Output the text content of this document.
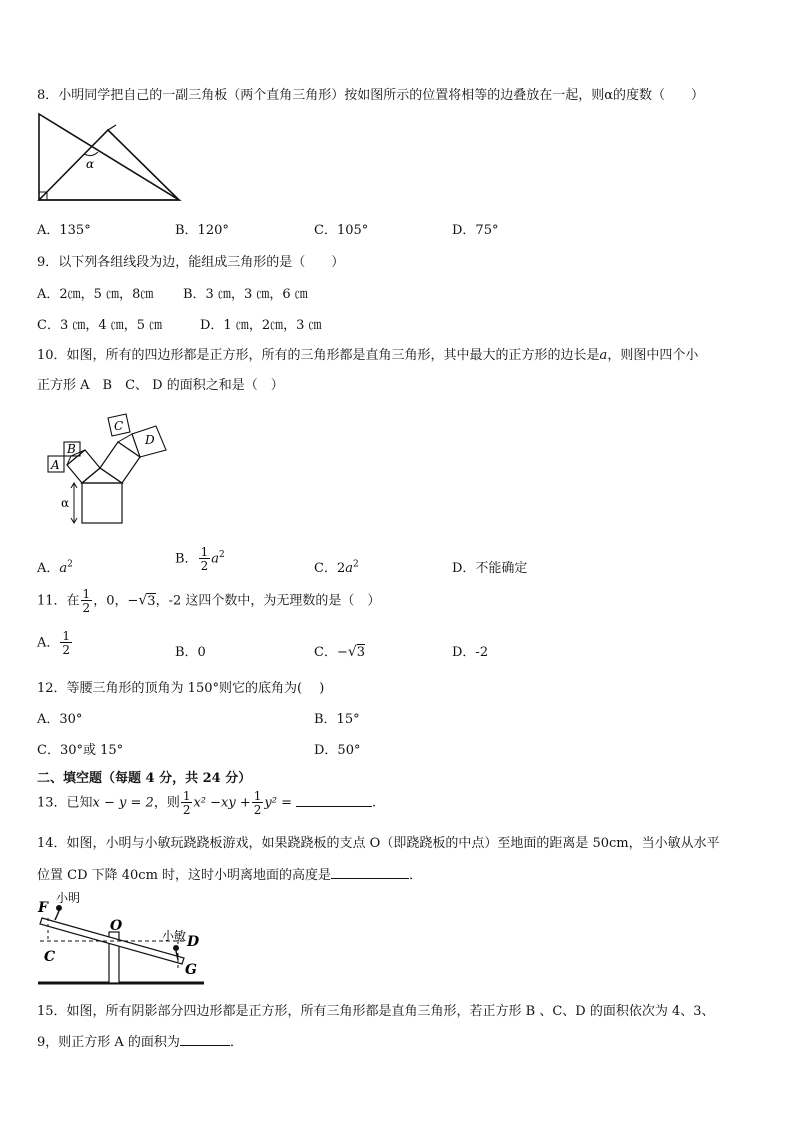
8．小明同学把自己的一副三角板（两个直角三角形）按如图所示的位置将相等的边叠放在一起，则α的度数（　　）
α
A．135°	B．120°	C．105°	D．75°
9．以下列各组线段为边，能组成三角形的是（　　）
A．2㎝，5 ㎝，8㎝ B．3 ㎝，3 ㎝，6 ㎝
C．3 ㎝，4 ㎝，5 ㎝	D．1 ㎝，2㎝，3 ㎝
10．如图，所有的四边形都是正方形，所有的三角形都是直角三角形，其中最大的正方形的边长是a，则图中四个小
正方形 A　B　C、 D 的面积之和是（　）
A
B
C
D
α
A．$a^2$	B． $\frac{1}{2} a^2$
C．$2a^2$	D．不能确定
11．在 $\frac{1}{2}$ ，0，−√3，-2 这四个数中，为无理数的是（　）
A． $\frac{1}{2}$	B．0	C．−√3	D．-2
12．等腰三角形的顶角为 150°则它的底角为(　 )
A．30°	B．15°
C．30°或 15°	D．50°
二、填空题（每题 4 分，共 24 分）
13．已知x − y = 2，则 $\frac{1}{2} x^2 -xy + \frac{1}{2} y^2$ =	.
14．如图，小明与小敏玩跷跷板游戏，如果跷跷板的支点 O（即跷跷板的中点）至地面的距离是 50cm，当小敏从水平
位置 CD 下降 40cm 时，这时小明离地面的高度是	．
小明
F
C
O
小敏 D
G
15．如图，所有阴影部分四边形都是正方形，所有三角形都是直角三角形，若正方形 B 、C、D 的面积依次为 4、3、
9，则正方形 A 的面积为	．
